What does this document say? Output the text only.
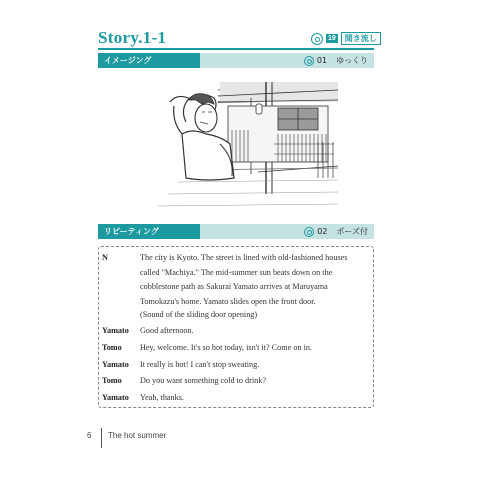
Story.1-1	19	聞き流し
イメージング	01 ゆっくり
リピーティング	02 ポーズ付
N	The city is Kyoto. The street is lined with old-fashioned houses
called "Machiya." The mid-summer sun beats down on the
cobblestone path as Sakurai Yamato arrives at Maruyama
Tomokazu's home. Yamato slides open the front door.
(Sound of the sliding door opening)
Yamato	Good afternoon.
Tomo	Hey, welcome. It's so hot today, isn't it? Come on in.
Yamato	It really is hot! I can't stop sweating.
Tomo	Do you want something cold to drink?
Yamato	Yeah, thanks.
6 The hot summer
